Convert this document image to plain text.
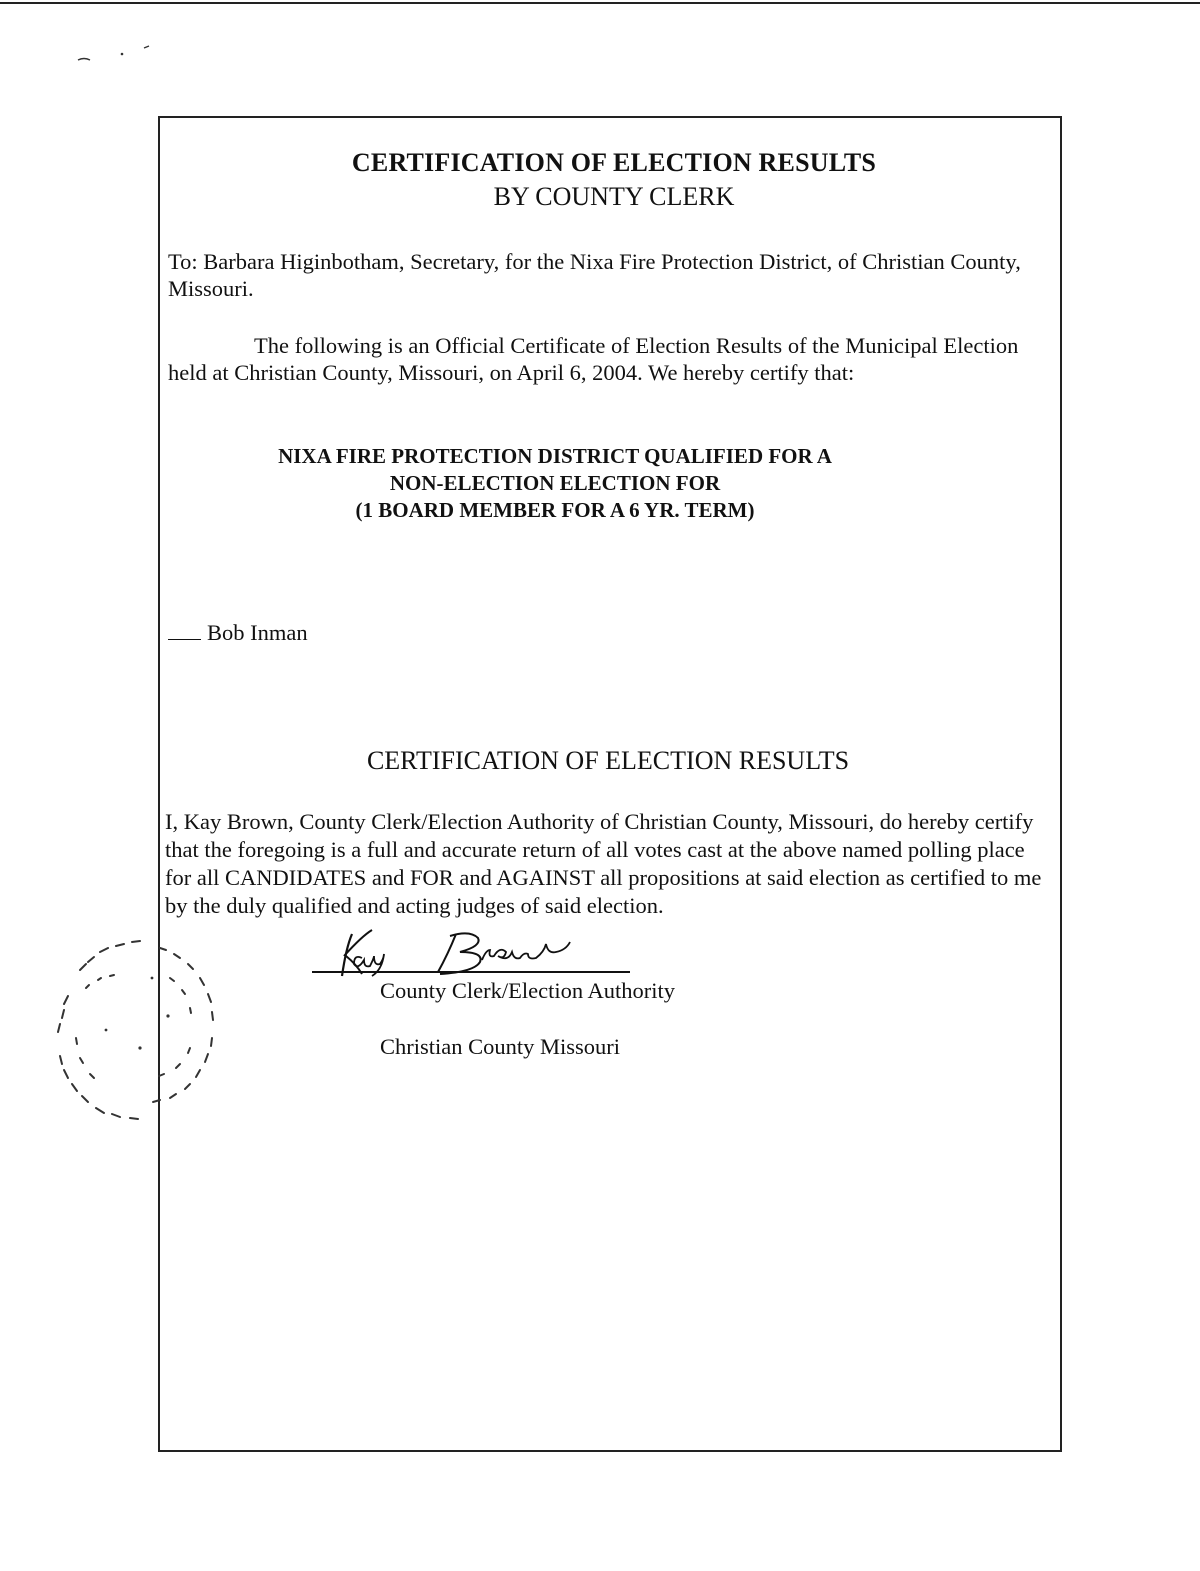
CERTIFICATION OF ELECTION RESULTS
BY COUNTY CLERK
To: Barbara Higinbotham, Secretary, for the Nixa Fire Protection District, of Christian County, Missouri.
The following is an Official Certificate of Election Results of the Municipal Election
held at Christian County, Missouri, on April 6, 2004. We hereby certify that:
NIXA FIRE PROTECTION DISTRICT QUALIFIED FOR A
NON-ELECTION ELECTION FOR
(1 BOARD MEMBER FOR A 6 YR. TERM)
Bob Inman
CERTIFICATION OF ELECTION RESULTS
I, Kay Brown, County Clerk/Election Authority of Christian County, Missouri, do hereby certify that the foregoing is a full and accurate return of all votes cast at the above named polling place for all CANDIDATES and FOR and AGAINST all propositions at said election as certified to me by the duly qualified and acting judges of said election.
County Clerk/Election Authority
Christian County Missouri
